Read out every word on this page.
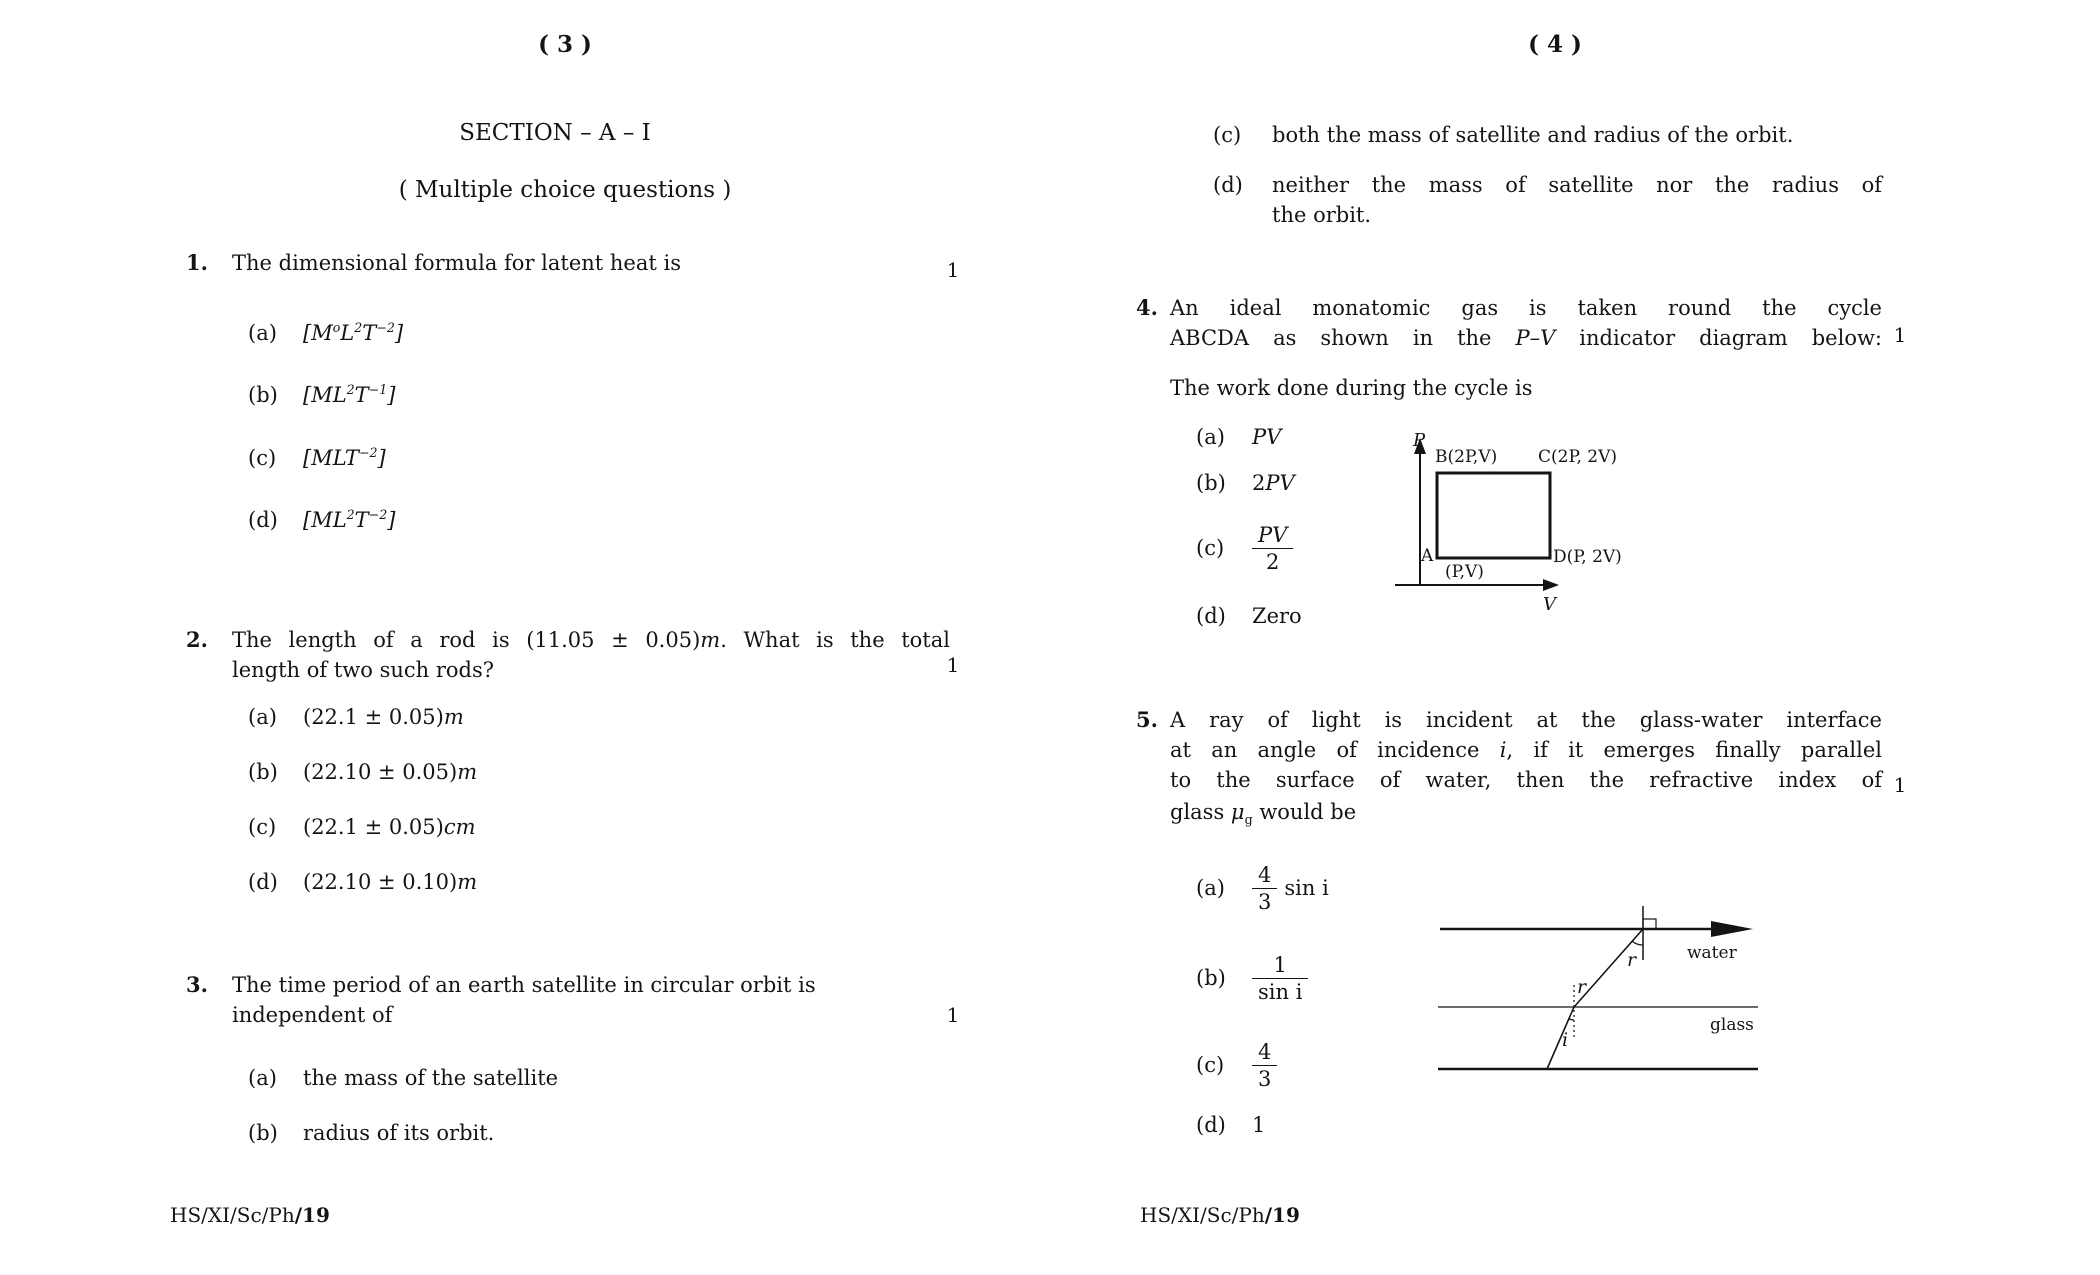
( 3 )
SECTION – A – I
( Multiple choice questions )
1. The dimensional formula for latent heat is	1
(a)	$[M^oL^2T^{-2}]$
(b)	$[ML^2T^{-1}]$
(c)	$[MLT^{-2}]$
(d)	$[ML^2T^{-2}]$
2. The length of a rod is (11.05 ± 0.05)m. What is the total
length of two such rods?	1
(a)	(22.1 ± 0.05) m
(b)	(22.10 ± 0.05) m
(c)	(22.1 ± 0.05) cm
(d)	(22.10 ± 0.10) m
3. The time period of an earth satellite in circular orbit is
independent of	1
(a)	the mass of the satellite
(b)	radius of its orbit.
HS/XI/Sc/Ph/19
( 4 )
(c)	both the mass of satellite and radius of the orbit.
(d) neither the mass of satellite nor the radius of
the orbit.
4. An ideal monatomic gas is taken round the cycle
ABCDA as shown in the P–V indicator diagram below: 1
The work done during the cycle is
(a)	PV
(b)	2PV
(c)	$\frac{PV}{2}$
(d)	Zero
P
V
B(2P,V) C(2P, 2V)
A
(P,V)
D(P, 2V)
5. A ray of light is incident at the glass-water interface
at an angle of incidence i, if it emerges finally parallel
to the surface of water, then the refractive index of
glass $\mu_g$ would be
1
(a)	$\frac{4}{3}$ sin i
(b)	$\frac{1}{\text{sin i}}$
(c)	$\frac{4}{3}$
(d)	1
r
r
i
water
glass
HS/XI/Sc/Ph/19
